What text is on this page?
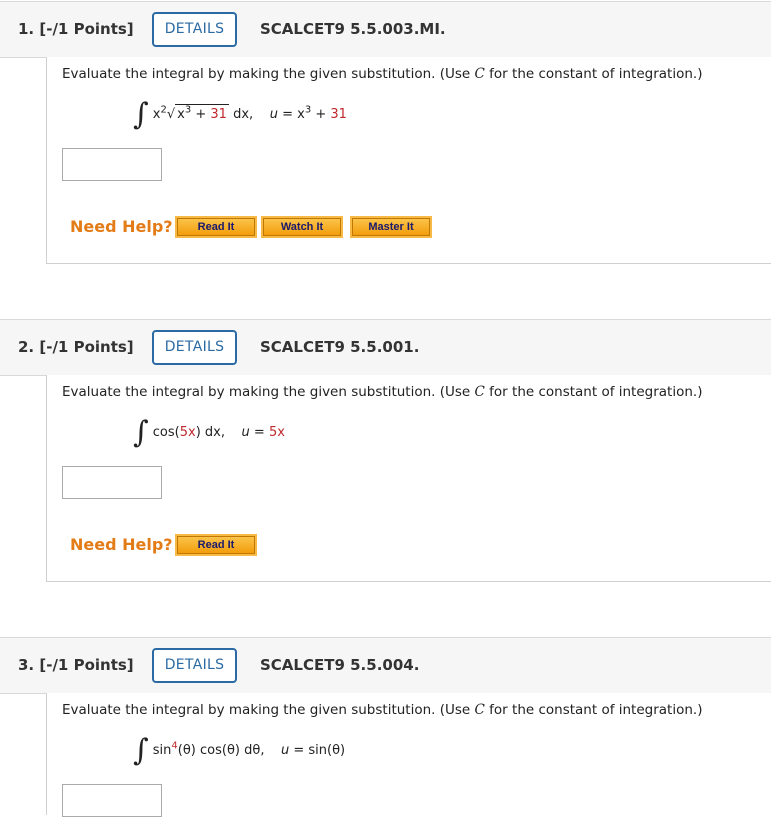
1. [-/1 Points]	DETAILS	SCALCET9 5.5.003.MI.
Evaluate the integral by making the given substitution. (Use C for the constant of integration.)
∫ $x^2√$ $x^3 + 31$ dx, $u = x^3 + 31$
Need Help?	Read It	Watch It	Master It
2. [-/1 Points]	DETAILS	SCALCET9 5.5.001.
Evaluate the integral by making the given substitution. (Use C for the constant of integration.)
∫ cos(5x) dx, u = 5x
Need Help?	Read It
3. [-/1 Points]	DETAILS	SCALCET9 5.5.004.
Evaluate the integral by making the given substitution. (Use C for the constant of integration.)
∫ $\sin^4(\theta)$ cos(θ) dθ, u = sin(θ)
